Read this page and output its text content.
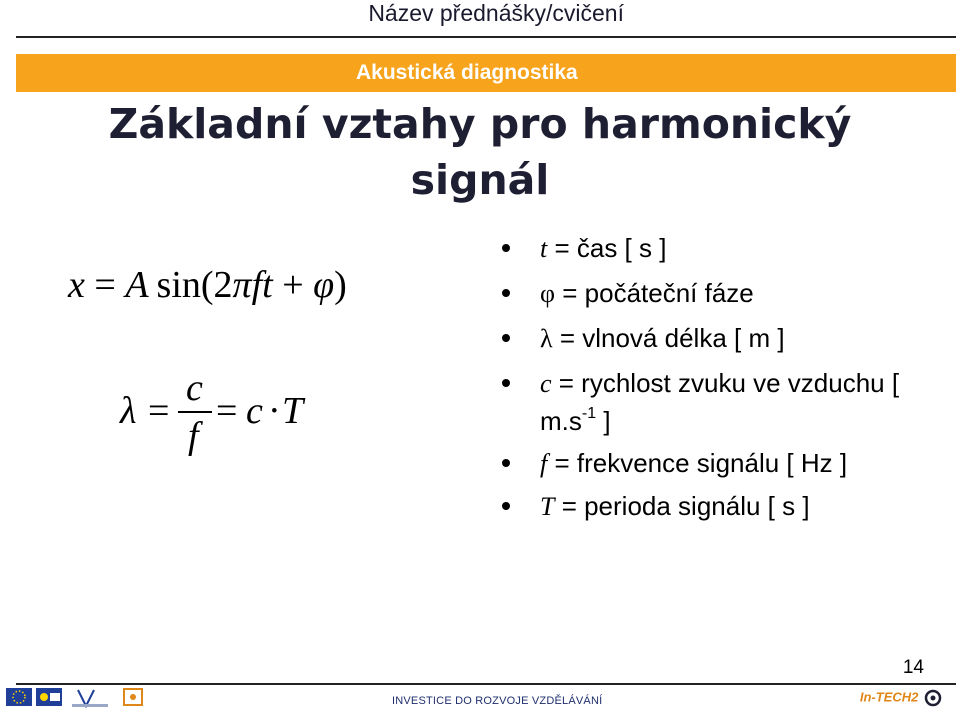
Název přednášky/cvičení
Akustická diagnostika
Základní vztahy pro harmonický
signál
x = A sin(2πft + φ)
λ =
c
f
= c · T
t = čas [ s ]
φ = počáteční fáze
λ = vlnová délka [ m ]
c = rychlost zvuku ve vzduchu [ $m.s^{-1}$ ]
f = frekvence signálu [ Hz ]
T = perioda signálu [ s ]
14
INVESTICE DO ROZVOJE VZDĚLÁVÁNÍ	In-TECH2
